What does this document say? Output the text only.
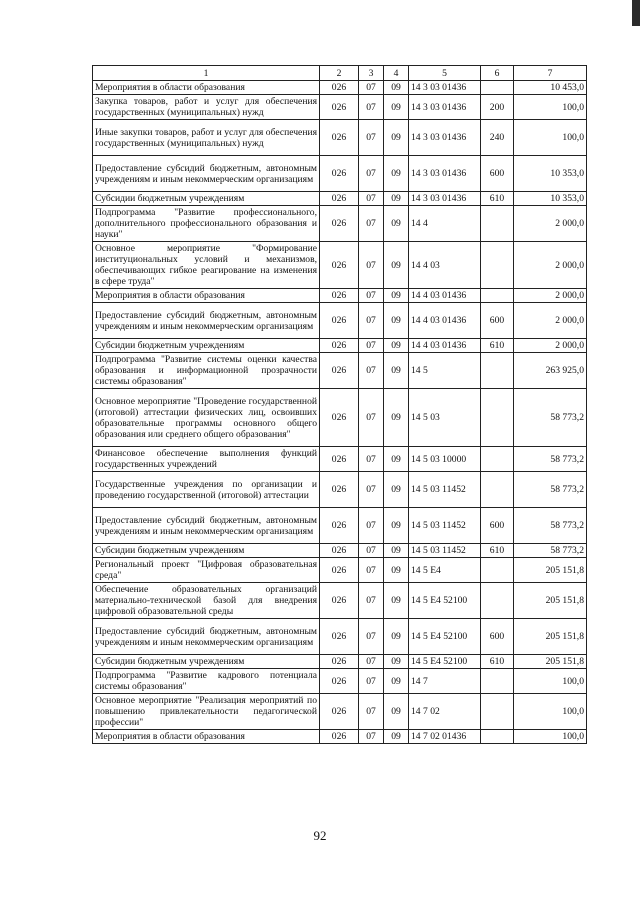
1	2	3	4	5	6	7
Мероприятия в области образования	026	07	09	14 3 03 01436		10 453,0
Закупка товаров, работ и услуг для обеспечения государственных (муниципальных) нужд	026	07	09	14 3 03 01436	200	100,0
Иные закупки товаров, работ и услуг для обеспечения государственных (муниципальных) нужд	026	07	09	14 3 03 01436	240	100,0
Предоставление субсидий бюджетным, автономным учреждениям и иным некоммерческим организациям	026	07	09	14 3 03 01436	600	10 353,0
Субсидии бюджетным учреждениям	026	07	09	14 3 03 01436	610	10 353,0
Подпрограмма "Развитие профессионального, дополнительного профессионального образования и науки"	026	07	09	14 4		2 000,0
Основное мероприятие "Формирование институциональных условий и механизмов, обеспечивающих гибкое реагирование на изменения в сфере труда"	026	07	09	14 4 03		2 000,0
Мероприятия в области образования	026	07	09	14 4 03 01436		2 000,0
Предоставление субсидий бюджетным, автономным учреждениям и иным некоммерческим организациям	026	07	09	14 4 03 01436	600	2 000,0
Субсидии бюджетным учреждениям	026	07	09	14 4 03 01436	610	2 000,0
Подпрограмма "Развитие системы оценки качества образования и информационной прозрачности системы образования"	026	07	09	14 5		263 925,0
Основное мероприятие "Проведение государственной (итоговой) аттестации физических лиц, освоивших образовательные программы основного общего образования или среднего общего образования"	026	07	09	14 5 03		58 773,2
Финансовое обеспечение выполнения функций государственных учреждений	026	07	09	14 5 03 10000		58 773,2
Государственные учреждения по организации и проведению государственной (итоговой) аттестации	026	07	09	14 5 03 11452		58 773,2
Предоставление субсидий бюджетным, автономным учреждениям и иным некоммерческим организациям	026	07	09	14 5 03 11452	600	58 773,2
Субсидии бюджетным учреждениям	026	07	09	14 5 03 11452	610	58 773,2
Региональный проект "Цифровая образовательная среда"	026	07	09	14 5 E4		205 151,8
Обеспечение образовательных организаций материально-технической базой для внедрения цифровой образовательной среды	026	07	09	14 5 E4 52100		205 151,8
Предоставление субсидий бюджетным, автономным учреждениям и иным некоммерческим организациям	026	07	09	14 5 E4 52100	600	205 151,8
Субсидии бюджетным учреждениям	026	07	09	14 5 E4 52100	610	205 151,8
Подпрограмма "Развитие кадрового потенциала системы образования"	026	07	09	14 7		100,0
Основное мероприятие "Реализация мероприятий по повышению привлекательности педагогической профессии"	026	07	09	14 7 02		100,0
Мероприятия в области образования	026	07	09	14 7 02 01436		100,0
92
